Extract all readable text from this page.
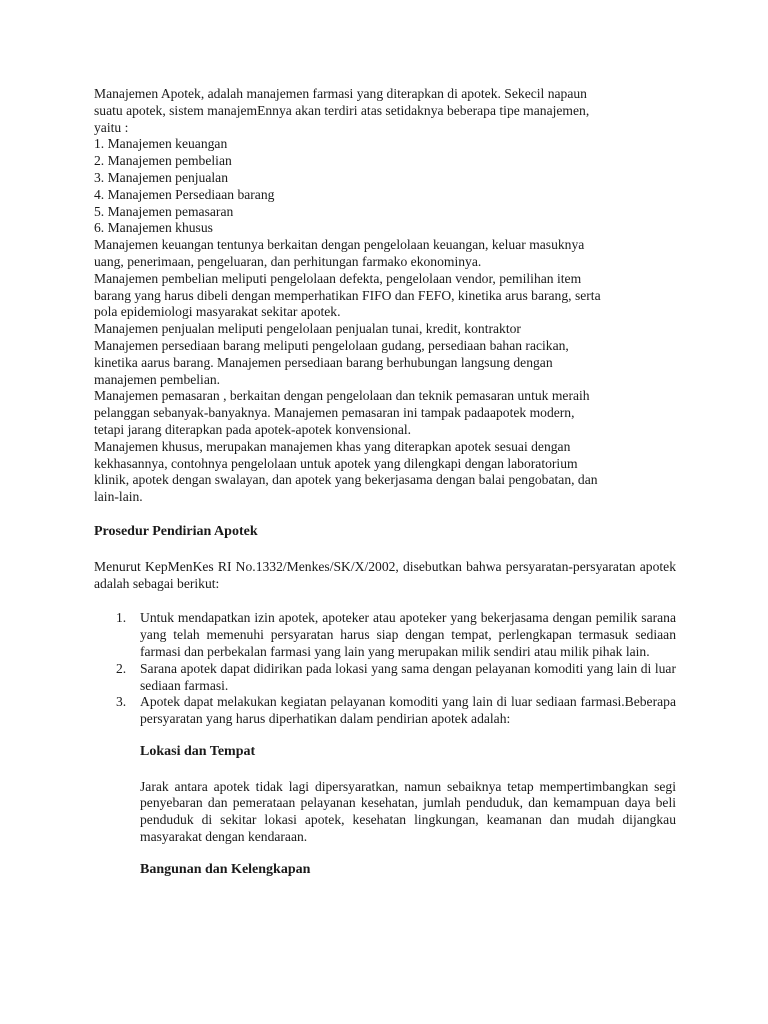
Manajemen Apotek, adalah manajemen farmasi yang diterapkan di apotek. Sekecil napaun
suatu apotek, sistem manajemEnnya akan terdiri atas setidaknya beberapa tipe manajemen,
yaitu :
1. Manajemen keuangan
2. Manajemen pembelian
3. Manajemen penjualan
4. Manajemen Persediaan barang
5. Manajemen pemasaran
6. Manajemen khusus
Manajemen keuangan tentunya berkaitan dengan pengelolaan keuangan, keluar masuknya
uang, penerimaan, pengeluaran, dan perhitungan farmako ekonominya.
Manajemen pembelian meliputi pengelolaan defekta, pengelolaan vendor, pemilihan item
barang yang harus dibeli dengan memperhatikan FIFO dan FEFO, kinetika arus barang, serta
pola epidemiologi masyarakat sekitar apotek.
Manajemen penjualan meliputi pengelolaan penjualan tunai, kredit, kontraktor
Manajemen persediaan barang meliputi pengelolaan gudang, persediaan bahan racikan,
kinetika aarus barang. Manajemen persediaan barang berhubungan langsung dengan
manajemen pembelian.
Manajemen pemasaran , berkaitan dengan pengelolaan dan teknik pemasaran untuk meraih
pelanggan sebanyak-banyaknya. Manajemen pemasaran ini tampak padaapotek modern,
tetapi jarang diterapkan pada apotek-apotek konvensional.
Manajemen khusus, merupakan manajemen khas yang diterapkan apotek sesuai dengan
kekhasannya, contohnya pengelolaan untuk apotek yang dilengkapi dengan laboratorium
klinik, apotek dengan swalayan, dan apotek yang bekerjasama dengan balai pengobatan, dan
lain-lain.
Prosedur Pendirian Apotek
Menurut KepMenKes RI No.1332/Menkes/SK/X/2002, disebutkan bahwa persyaratan-persyaratan apotek adalah sebagai berikut:
1. Untuk mendapatkan izin apotek, apoteker atau apoteker yang bekerjasama dengan pemilik sarana yang telah memenuhi persyaratan harus siap dengan tempat, perlengkapan termasuk sediaan farmasi dan perbekalan farmasi yang lain yang merupakan milik sendiri atau milik pihak lain.
2. Sarana apotek dapat didirikan pada lokasi yang sama dengan pelayanan komoditi yang lain di luar sediaan farmasi.
3. Apotek dapat melakukan kegiatan pelayanan komoditi yang lain di luar sediaan farmasi.Beberapa persyaratan yang harus diperhatikan dalam pendirian apotek adalah:
Lokasi dan Tempat
Jarak antara apotek tidak lagi dipersyaratkan, namun sebaiknya tetap mempertimbangkan segi penyebaran dan pemerataan pelayanan kesehatan, jumlah penduduk, dan kemampuan daya beli penduduk di sekitar lokasi apotek, kesehatan lingkungan, keamanan dan mudah dijangkau masyarakat dengan kendaraan.
Bangunan dan Kelengkapan
